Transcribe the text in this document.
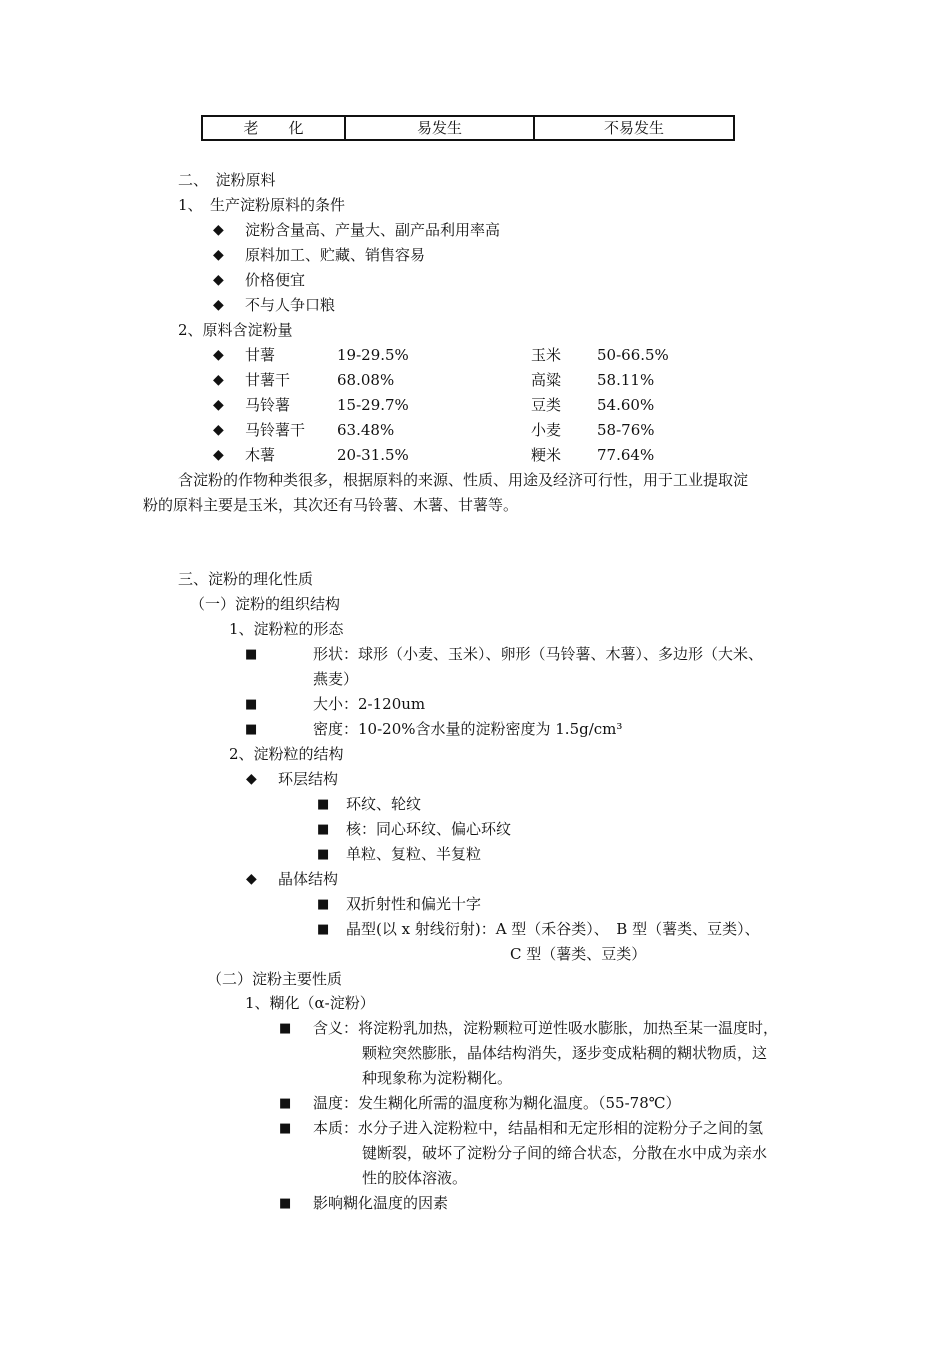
老　　化	易发生	不易发生
二、　淀粉原料
1、　生产淀粉原料的条件
◆ 淀粉含量高、产量大、副产品利用率高
◆ 原料加工、贮藏、销售容易
◆ 价格便宜
◆ 不与人争口粮
2、原料含淀粉量
◆ 甘薯	19-29.5%	玉米 50-66.5%
◆ 甘薯干	68.08%	高粱 58.11%
◆ 马铃薯	15-29.7%	豆类 54.60%
◆ 马铃薯干 63.48%	小麦 58-76%
◆ 木薯	20-31.5%	粳米 77.64%
含淀粉的作物种类很多，根据原料的来源、性质、用途及经济可行性，用于工业提取淀
粉的原料主要是玉米，其次还有马铃薯、木薯、甘薯等。
三、淀粉的理化性质
（一）淀粉的组织结构
1、淀粉粒的形态
■	形状：球形（小麦、玉米）、卵形（马铃薯、木薯）、多边形（大米、
燕麦）
■	大小：2-120um
■	密度：10-20%含水量的淀粉密度为 1.5g/cm³
2、淀粉粒的结构
◆ 环层结构
■ 环纹、轮纹
■ 核：同心环纹、偏心环纹
■ 单粒、复粒、半复粒
◆ 晶体结构
■ 双折射性和偏光十字
■ 晶型(以 x 射线衍射)：A 型（禾谷类）、　B 型（薯类、豆类）、
C 型（薯类、豆类）
（二）淀粉主要性质
1、糊化（α-淀粉）
■ 含义：将淀粉乳加热，淀粉颗粒可逆性吸水膨胀，加热至某一温度时，
颗粒突然膨胀，晶体结构消失，逐步变成粘稠的糊状物质，这
种现象称为淀粉糊化。
■ 温度：发生糊化所需的温度称为糊化温度。（55-78℃）
■ 本质：水分子进入淀粉粒中，结晶相和无定形相的淀粉分子之间的氢
键断裂，破坏了淀粉分子间的缔合状态，分散在水中成为亲水
性的胶体溶液。
■ 影响糊化温度的因素
